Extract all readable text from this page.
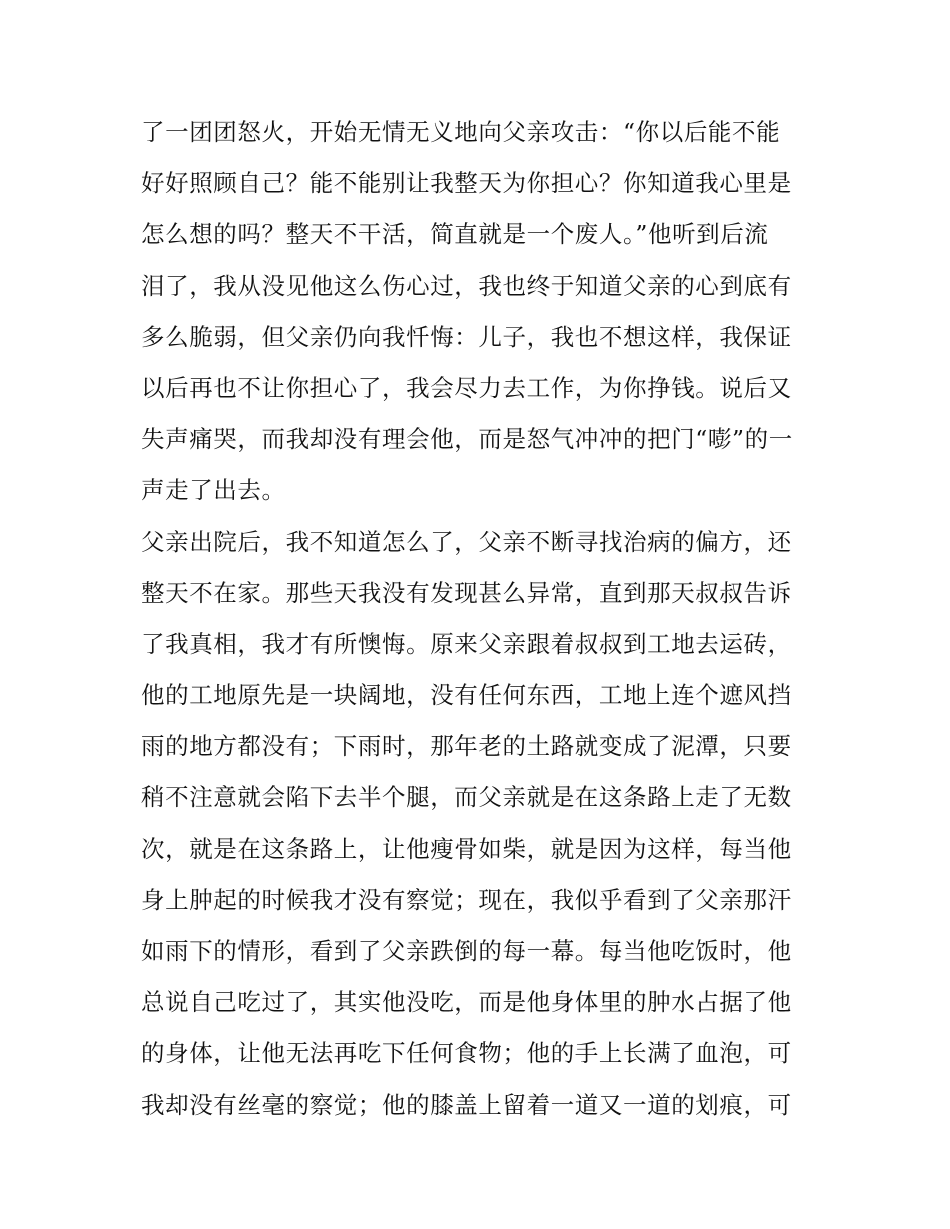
了一团团怒火，开始无情无义地向父亲攻击：“你以后能不能
好好照顾自己？能不能别让我整天为你担心？你知道我心里是
怎么想的吗？整天不干活，简直就是一个废人。”他听到后流
泪了，我从没见他这么伤心过，我也终于知道父亲的心到底有
多么脆弱，但父亲仍向我忏悔：儿子，我也不想这样，我保证
以后再也不让你担心了，我会尽力去工作，为你挣钱。说后又
失声痛哭，而我却没有理会他，而是怒气冲冲的把门“嘭”的一
声走了出去。
父亲出院后，我不知道怎么了，父亲不断寻找治病的偏方，还
整天不在家。那些天我没有发现甚么异常，直到那天叔叔告诉
了我真相，我才有所懊悔。原来父亲跟着叔叔到工地去运砖，
他的工地原先是一块阔地，没有任何东西，工地上连个遮风挡
雨的地方都没有；下雨时，那年老的土路就变成了泥潭，只要
稍不注意就会陷下去半个腿，而父亲就是在这条路上走了无数
次，就是在这条路上，让他瘦骨如柴，就是因为这样，每当他
身上肿起的时候我才没有察觉；现在，我似乎看到了父亲那汗
如雨下的情形，看到了父亲跌倒的每一幕。每当他吃饭时，他
总说自己吃过了，其实他没吃，而是他身体里的肿水占据了他
的身体，让他无法再吃下任何食物；他的手上长满了血泡，可
我却没有丝毫的察觉；他的膝盖上留着一道又一道的划痕，可
